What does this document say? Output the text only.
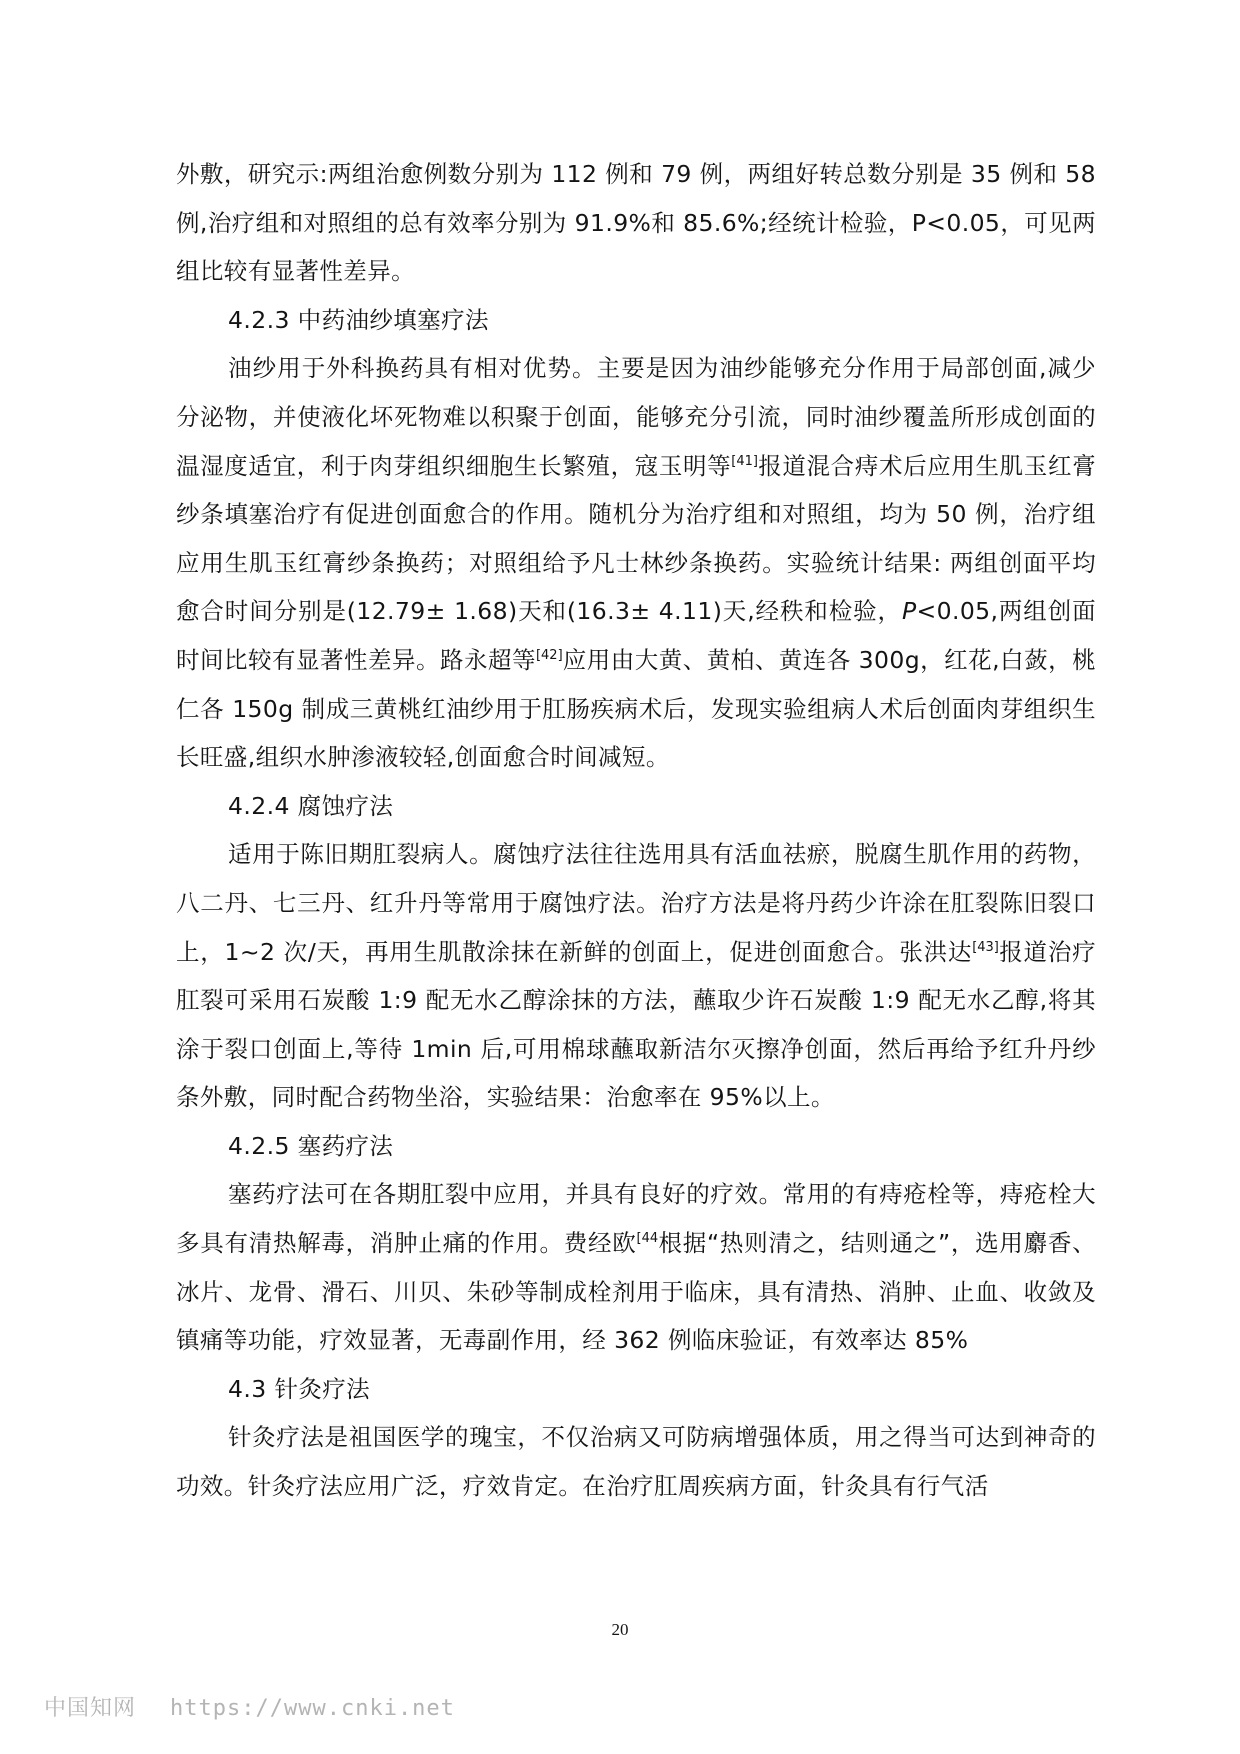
外敷，研究示:两组治愈例数分别为 112 例和 79 例，两组好转总数分别是 35 例和 58 例,治疗组和对照组的总有效率分别为 91.9%和 85.6%;经统计检验，P<0.05，可见两组比较有显著性差异。

4.2.3 中药油纱填塞疗法

油纱用于外科换药具有相对优势。主要是因为油纱能够充分作用于局部创面,减少分泌物，并使液化坏死物难以积聚于创面，能够充分引流，同时油纱覆盖所形成创面的温湿度适宜，利于肉芽组织细胞生长繁殖，寇玉明等[41]报道混合痔术后应用生肌玉红膏纱条填塞治疗有促进创面愈合的作用。随机分为治疗组和对照组，均为 50 例，治疗组应用生肌玉红膏纱条换药；对照组给予凡士林纱条换药。实验统计结果: 两组创面平均愈合时间分别是(12.79± 1.68)天和(16.3± 4.11)天,经秩和检验，P<0.05,两组创面时间比较有显著性差异。路永超等[42]应用由大黄、黄柏、黄连各 300g，红花,白蔹，桃仁各 150g 制成三黄桃红油纱用于肛肠疾病术后，发现实验组病人术后创面肉芽组织生长旺盛,组织水肿渗液较轻,创面愈合时间减短。

4.2.4 腐蚀疗法

适用于陈旧期肛裂病人。腐蚀疗法往往选用具有活血祛瘀，脱腐生肌作用的药物，八二丹、七三丹、红升丹等常用于腐蚀疗法。治疗方法是将丹药少许涂在肛裂陈旧裂口上，1~2 次/天，再用生肌散涂抹在新鲜的创面上，促进创面愈合。张洪达[43]报道治疗肛裂可采用石炭酸 1:9 配无水乙醇涂抹的方法，蘸取少许石炭酸 1:9 配无水乙醇,将其涂于裂口创面上,等待 1min 后,可用棉球蘸取新洁尔灭擦净创面，然后再给予红升丹纱条外敷，同时配合药物坐浴，实验结果：治愈率在 95%以上。

4.2.5 塞药疗法

塞药疗法可在各期肛裂中应用，并具有良好的疗效。常用的有痔疮栓等，痔疮栓大多具有清热解毒，消肿止痛的作用。费经欧$^{[44}$根据“热则清之，结则通之”，选用麝香、冰片、龙骨、滑石、川贝、朱砂等制成栓剂用于临床，具有清热、消肿、止血、收敛及镇痛等功能，疗效显著，无毒副作用，经 362 例临床验证，有效率达 85%

4.3 针灸疗法

针灸疗法是祖国医学的瑰宝，不仅治病又可防病增强体质，用之得当可达到神奇的功效。针灸疗法应用广泛，疗效肯定。在治疗肛周疾病方面，针灸具有行气活

20
中国知网 https://www.cnki.net
